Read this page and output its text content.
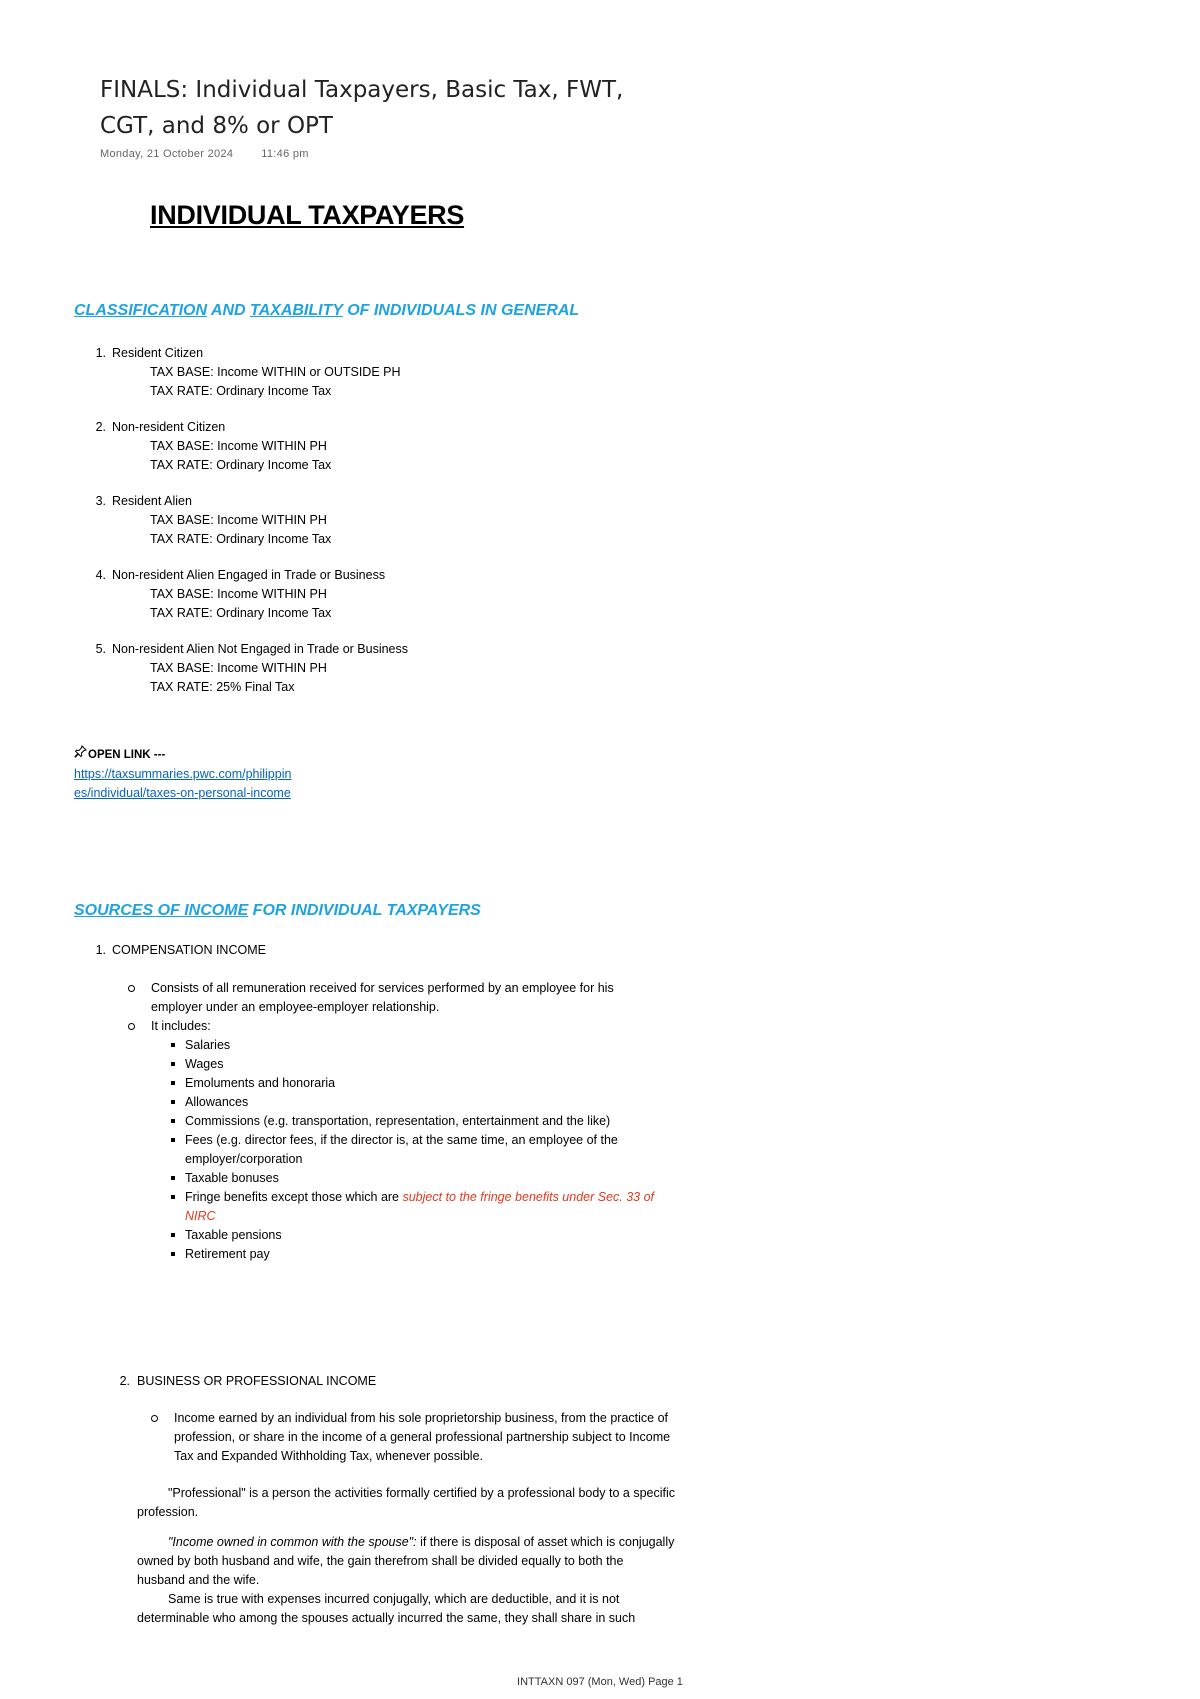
FINALS: Individual Taxpayers, Basic Tax, FWT,
CGT, and 8% or OPT
Monday, 21 October 2024	11:46 pm
INDIVIDUAL TAXPAYERS
CLASSIFICATION AND TAXABILITY OF INDIVIDUALS IN GENERAL
1. Resident Citizen
TAX BASE: Income WITHIN or OUTSIDE PH
TAX RATE: Ordinary Income Tax
2. Non-resident Citizen
TAX BASE: Income WITHIN PH
TAX RATE: Ordinary Income Tax
3. Resident Alien
TAX BASE: Income WITHIN PH
TAX RATE: Ordinary Income Tax
4. Non-resident Alien Engaged in Trade or Business
TAX BASE: Income WITHIN PH
TAX RATE: Ordinary Income Tax
5. Non-resident Alien Not Engaged in Trade or Business
TAX BASE: Income WITHIN PH
TAX RATE: 25% Final Tax
OPEN LINK ---
https://taxsummaries.pwc.com/philippin
es/individual/taxes-on-personal-income
SOURCES OF INCOME FOR INDIVIDUAL TAXPAYERS
1. COMPENSATION INCOME
Consists of all remuneration received for services performed by an employee for his
employer under an employee-employer relationship.
It includes:
Salaries
Wages
Emoluments and honoraria
Allowances
Commissions (e.g. transportation, representation, entertainment and the like)
Fees (e.g. director fees, if the director is, at the same time, an employee of the
employer/corporation
Taxable bonuses
Fringe benefits except those which are subject to the fringe benefits under Sec. 33 of
NIRC
Taxable pensions
Retirement pay
2. BUSINESS OR PROFESSIONAL INCOME
Income earned by an individual from his sole proprietorship business, from the practice of
profession, or share in the income of a general professional partnership subject to Income
Tax and Expanded Withholding Tax, whenever possible.
"Professional" is a person the activities formally certified by a professional body to a specific
profession.
"Income owned in common with the spouse": if there is disposal of asset which is conjugally
owned by both husband and wife, the gain therefrom shall be divided equally to both the
husband and the wife.
Same is true with expenses incurred conjugally, which are deductible, and it is not
determinable who among the spouses actually incurred the same, they shall share in such
INTTAXN 097 (Mon, Wed) Page 1
